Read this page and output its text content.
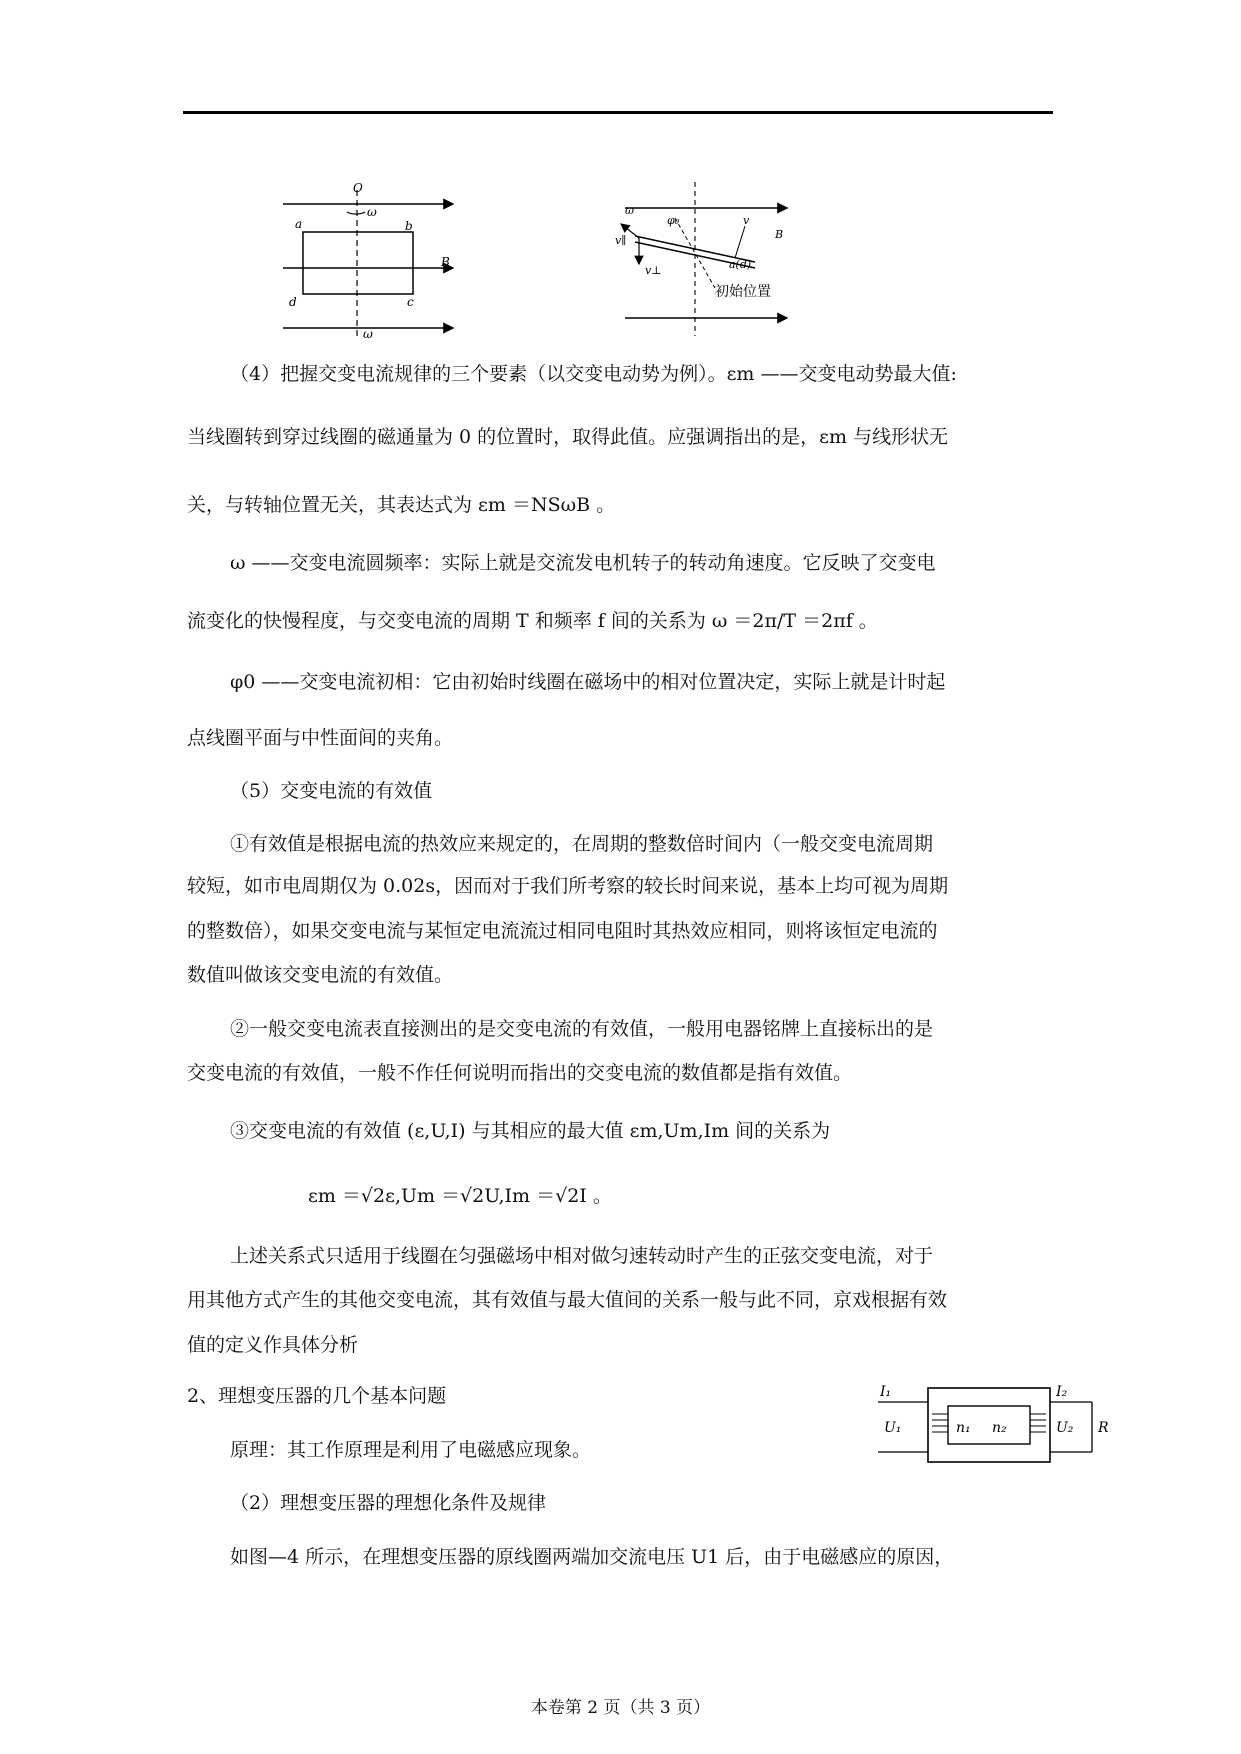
O
ω
a	b
B
d	c
ω
ω
φ₀
v∥
v
B
v⊥	a(d)
初始位置
I₁
U₁	n₁ n₂
I₂
U₂ R
（4）把握交变电流规律的三个要素（以交变电动势为例）。εm ——交变电动势最大值:
当线圈转到穿过线圈的磁通量为 0 的位置时，取得此值。应强调指出的是，εm 与线形状无
关，与转轴位置无关，其表达式为 εm ＝NSωB 。
ω ——交变电流圆频率：实际上就是交流发电机转子的转动角速度。它反映了交变电
流变化的快慢程度，与交变电流的周期 T 和频率 f 间的关系为 ω ＝2π/T ＝2πf 。
φ0 ——交变电流初相：它由初始时线圈在磁场中的相对位置决定，实际上就是计时起
点线圈平面与中性面间的夹角。
（5）交变电流的有效值
①有效值是根据电流的热效应来规定的，在周期的整数倍时间内（一般交变电流周期
较短，如市电周期仅为 0.02s，因而对于我们所考察的较长时间来说，基本上均可视为周期
的整数倍），如果交变电流与某恒定电流流过相同电阻时其热效应相同，则将该恒定电流的
数值叫做该交变电流的有效值。
②一般交变电流表直接测出的是交变电流的有效值，一般用电器铭牌上直接标出的是
交变电流的有效值，一般不作任何说明而指出的交变电流的数值都是指有效值。
③交变电流的有效值 (ε,U,I) 与其相应的最大值 εm,Um,Im 间的关系为
εm ＝√2ε,Um ＝√2U,Im ＝√2I 。
上述关系式只适用于线圈在匀强磁场中相对做匀速转动时产生的正弦交变电流，对于
用其他方式产生的其他交变电流，其有效值与最大值间的关系一般与此不同，京戏根据有效
值的定义作具体分析
2、理想变压器的几个基本问题
原理：其工作原理是利用了电磁感应现象。
（2）理想变压器的理想化条件及规律
如图—4 所示，在理想变压器的原线圈两端加交流电压 U1 后，由于电磁感应的原因，
本卷第 2 页（共 3 页）
